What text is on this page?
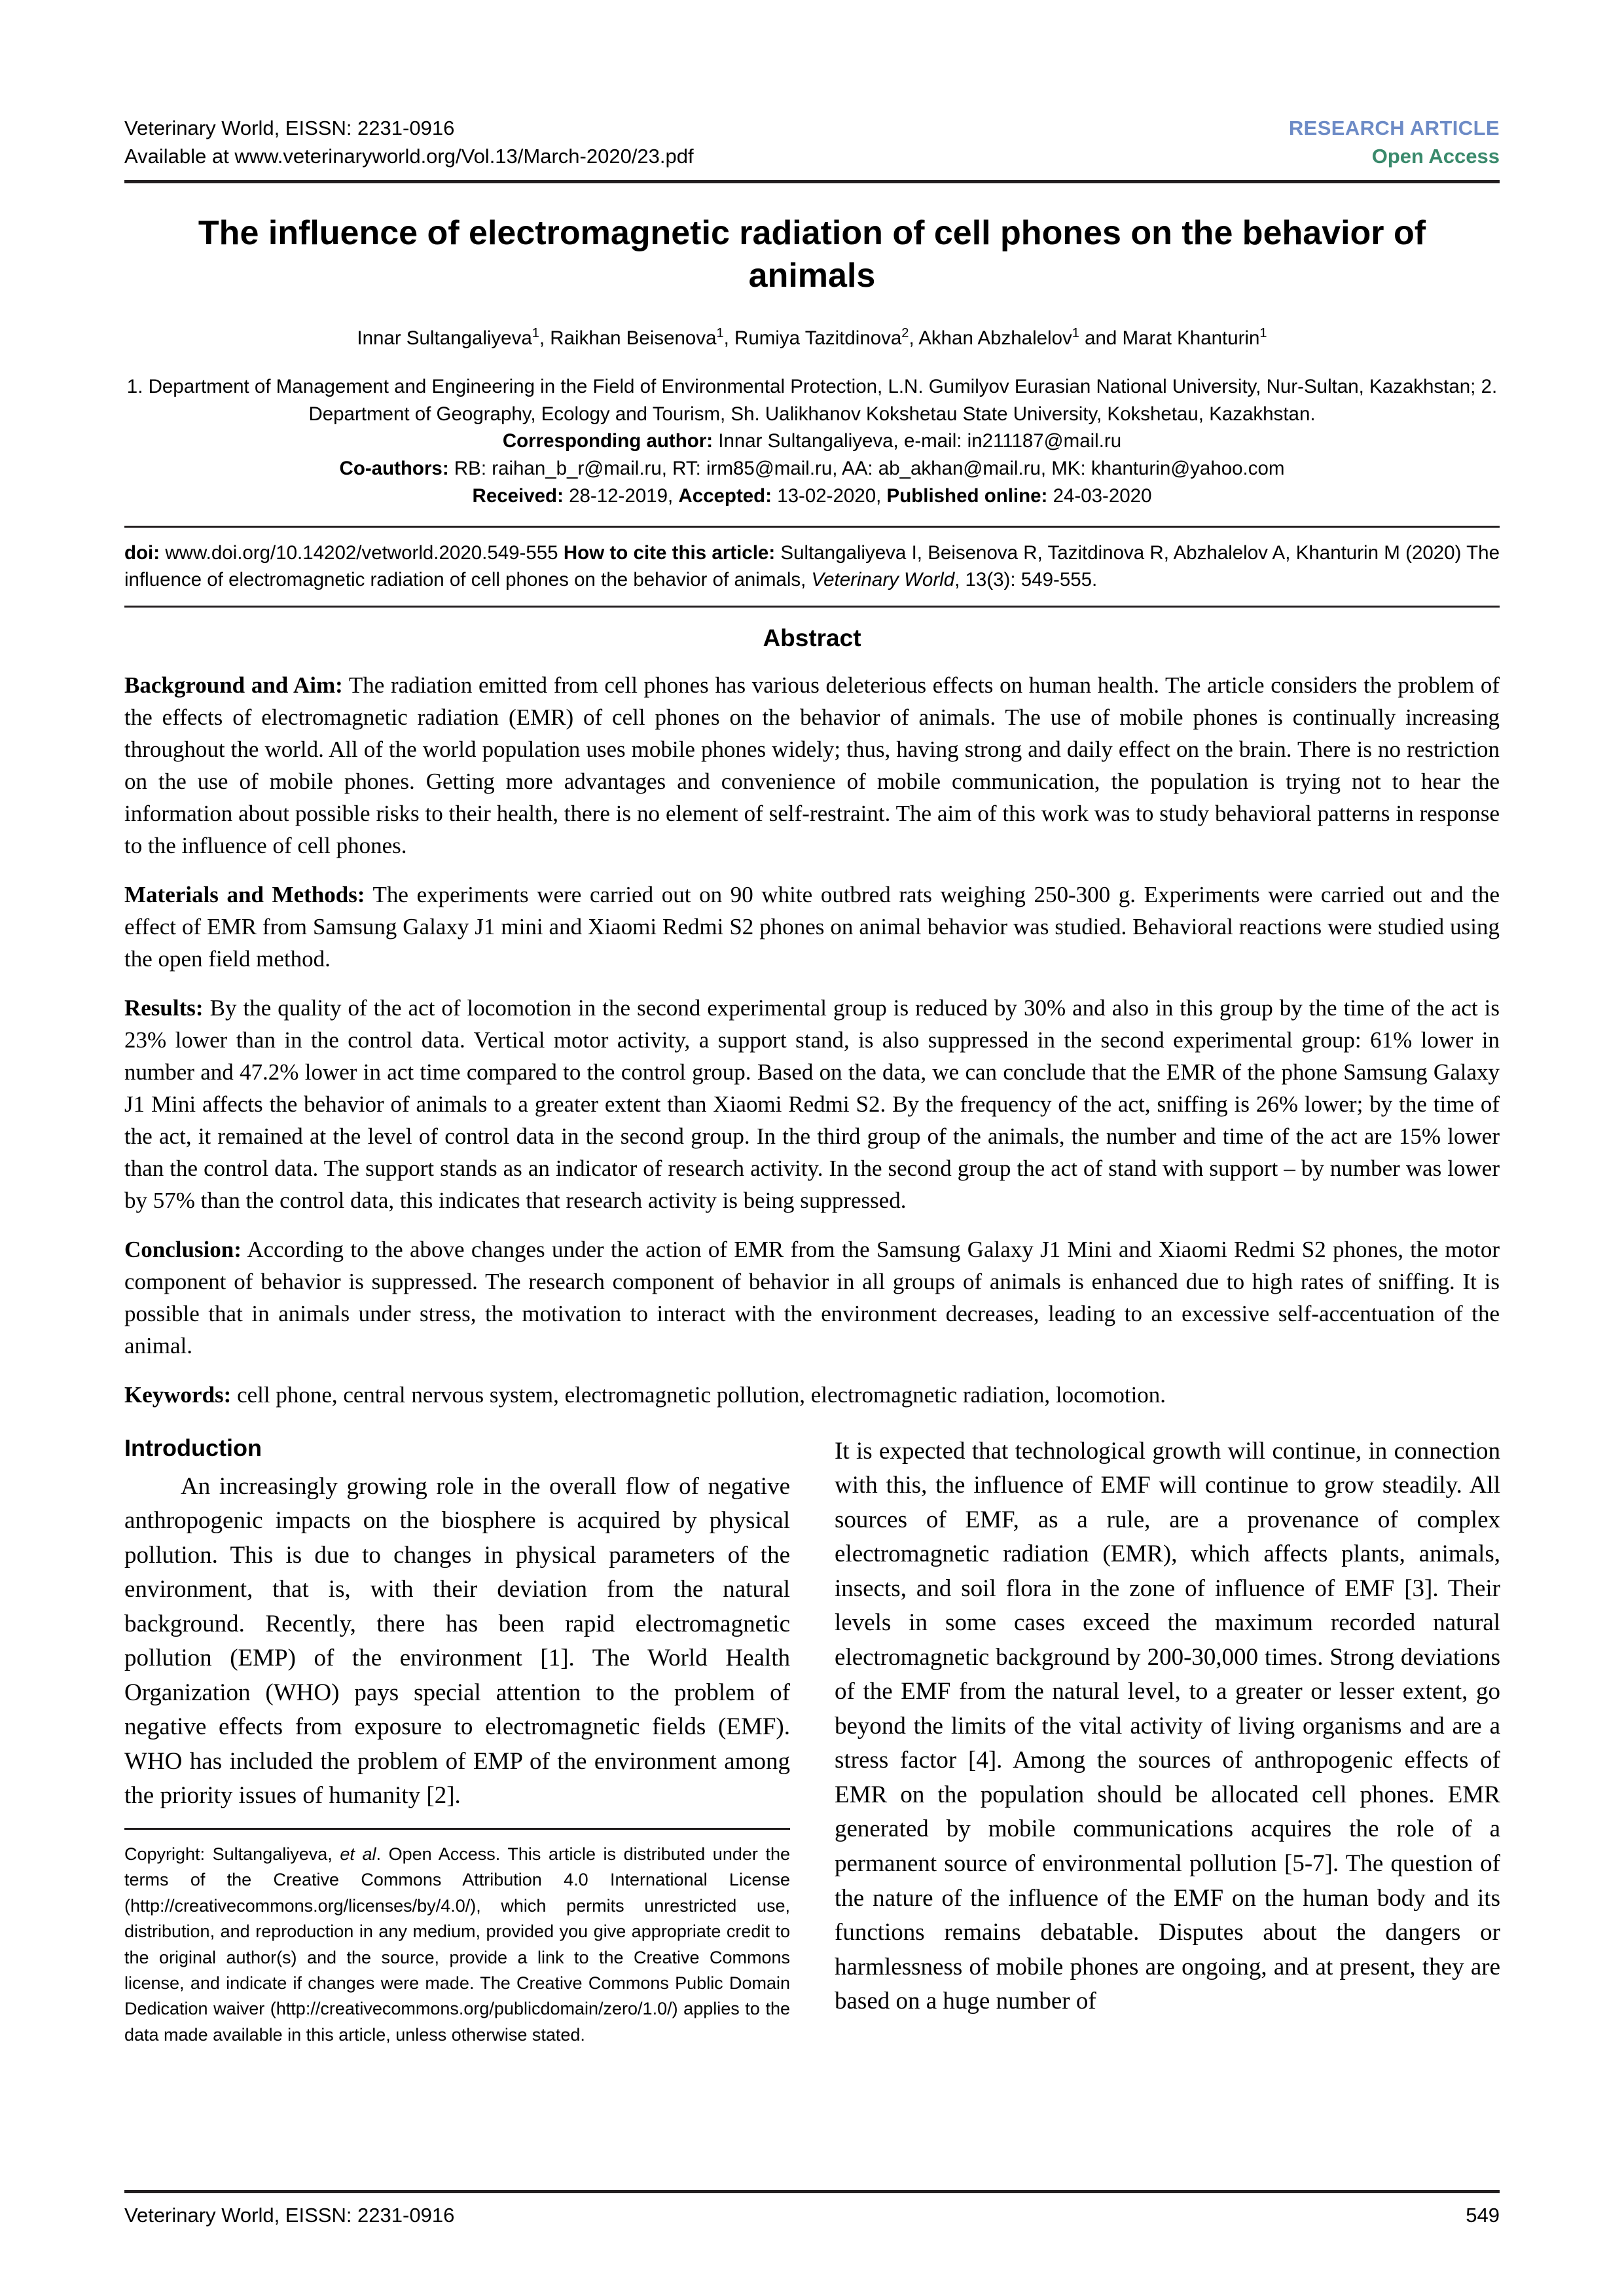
Veterinary World, EISSN: 2231-0916
Available at www.veterinaryworld.org/Vol.13/March-2020/23.pdf
RESEARCH ARTICLE
Open Access
The influence of electromagnetic radiation of cell phones on the behavior of animals
Innar Sultangaliyeva$^1$, Raikhan Beisenova$^1$, Rumiya Tazitdinova$^2$, Akhan Abzhalelov$^1$ and Marat Khanturin$^1$
1. Department of Management and Engineering in the Field of Environmental Protection, L.N. Gumilyov Eurasian National University, Nur-Sultan, Kazakhstan; 2. Department of Geography, Ecology and Tourism, Sh. Ualikhanov Kokshetau State University, Kokshetau, Kazakhstan.
Corresponding author: Innar Sultangaliyeva, e-mail: in211187@mail.ru
Co-authors: RB: raihan_b_r@mail.ru, RT: irm85@mail.ru, AA: ab_akhan@mail.ru, MK: khanturin@yahoo.com
Received: 28-12-2019, Accepted: 13-02-2020, Published online: 24-03-2020
doi: www.doi.org/10.14202/vetworld.2020.549-555 How to cite this article: Sultangaliyeva I, Beisenova R, Tazitdinova R, Abzhalelov A, Khanturin M (2020) The influence of electromagnetic radiation of cell phones on the behavior of animals, Veterinary World, 13(3): 549-555.
Abstract

Background and Aim: The radiation emitted from cell phones has various deleterious effects on human health. The article considers the problem of the effects of electromagnetic radiation (EMR) of cell phones on the behavior of animals. The use of mobile phones is continually increasing throughout the world. All of the world population uses mobile phones widely; thus, having strong and daily effect on the brain. There is no restriction on the use of mobile phones. Getting more advantages and convenience of mobile communication, the population is trying not to hear the information about possible risks to their health, there is no element of self-restraint. The aim of this work was to study behavioral patterns in response to the influence of cell phones.

Materials and Methods: The experiments were carried out on 90 white outbred rats weighing 250-300 g. Experiments were carried out and the effect of EMR from Samsung Galaxy J1 mini and Xiaomi Redmi S2 phones on animal behavior was studied. Behavioral reactions were studied using the open field method.

Results: By the quality of the act of locomotion in the second experimental group is reduced by 30% and also in this group by the time of the act is 23% lower than in the control data. Vertical motor activity, a support stand, is also suppressed in the second experimental group: 61% lower in number and 47.2% lower in act time compared to the control group. Based on the data, we can conclude that the EMR of the phone Samsung Galaxy J1 Mini affects the behavior of animals to a greater extent than Xiaomi Redmi S2. By the frequency of the act, sniffing is 26% lower; by the time of the act, it remained at the level of control data in the second group. In the third group of the animals, the number and time of the act are 15% lower than the control data. The support stands as an indicator of research activity. In the second group the act of stand with support – by number was lower by 57% than the control data, this indicates that research activity is being suppressed.

Conclusion: According to the above changes under the action of EMR from the Samsung Galaxy J1 Mini and Xiaomi Redmi S2 phones, the motor component of behavior is suppressed. The research component of behavior in all groups of animals is enhanced due to high rates of sniffing. It is possible that in animals under stress, the motivation to interact with the environment decreases, leading to an excessive self-accentuation of the animal.

Keywords: cell phone, central nervous system, electromagnetic pollution, electromagnetic radiation, locomotion.
Introduction

An increasingly growing role in the overall flow of negative anthropogenic impacts on the biosphere is acquired by physical pollution. This is due to changes in physical parameters of the environment, that is, with their deviation from the natural background. Recently, there has been rapid electromagnetic pollution (EMP) of the environment [1]. The World Health Organization (WHO) pays special attention to the problem of negative effects from exposure to electromagnetic fields (EMF). WHO has included the problem of EMP of the environment among the priority issues of humanity [2].

Copyright: Sultangaliyeva, et al. Open Access. This article is distributed under the terms of the Creative Commons Attribution 4.0 International License (http://creativecommons.org/licenses/by/4.0/), which permits unrestricted use, distribution, and reproduction in any medium, provided you give appropriate credit to the original author(s) and the source, provide a link to the Creative Commons license, and indicate if changes were made. The Creative Commons Public Domain Dedication waiver (http://creativecommons.org/publicdomain/zero/1.0/) applies to the data made available in this article, unless otherwise stated.

It is expected that technological growth will continue, in connection with this, the influence of EMF will continue to grow steadily. All sources of EMF, as a rule, are a provenance of complex electromagnetic radiation (EMR), which affects plants, animals, insects, and soil flora in the zone of influence of EMF [3]. Their levels in some cases exceed the maximum recorded natural electromagnetic background by 200-30,000 times. Strong deviations of the EMF from the natural level, to a greater or lesser extent, go beyond the limits of the vital activity of living organisms and are a stress factor [4]. Among the sources of anthropogenic effects of EMR on the population should be allocated cell phones. EMR generated by mobile communications acquires the role of a permanent source of environmental pollution [5-7]. The question of the nature of the influence of the EMF on the human body and its functions remains debatable. Disputes about the dangers or harmlessness of mobile phones are ongoing, and at present, they are based on a huge number of

Veterinary World, EISSN: 2231-0916	549
